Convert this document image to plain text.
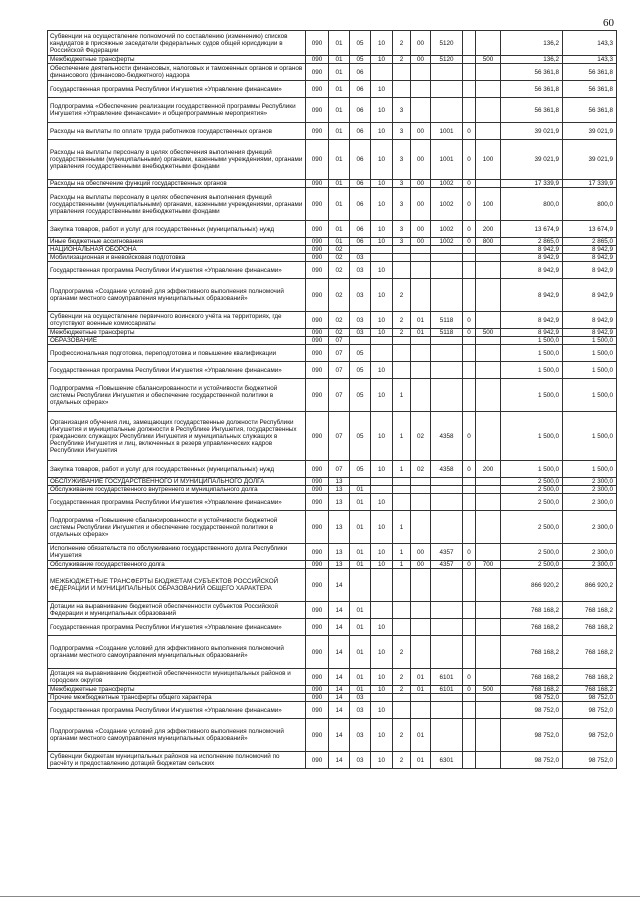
60
Субвенции на осуществление полномочий по составлению (изменению) списков кандидатов в присяжные заседатели федеральных судов общей юрисдикции в Российской Федерации	090	01	05	10	2	00	5120			136,2	143,3
Межбюджетные трансферты	090	01	05	10	2	00	5120		500	136,2	143,3
Обеспечение деятельности финансовых, налоговых и таможенных органов и органов финансового (финансово-бюджетного) надзора	090	01	06							56 361,8	56 361,8
Государственная программа Республики Ингушетия «Управление финансами»	090	01	06	10						56 361,8	56 361,8
Подпрограмма «Обеспечение реализации государственной программы Республики Ингушетия «Управление финансами» и общепрограммные мероприятия»	090	01	06	10	3					56 361,8	56 361,8
Расходы на выплаты по оплате труда работников государственных органов	090	01	06	10	3	00	1001	0		39 021,9	39 021,9
Расходы на выплаты персоналу в целях обеспечения выполнения функций государственными (муниципальными) органами, казенными учреждениями, органами управления государственными внебюджетными фондами	090	01	06	10	3	00	1001	0	100	39 021,9	39 021,9
Расходы на обеспечение функций государственных органов	090	01	06	10	3	00	1002	0		17 339,9	17 339,9
Расходы на выплаты персоналу в целях обеспечения выполнения функций государственными (муниципальными) органами, казенными учреждениями, органами управления государственными внебюджетными фондами	090	01	06	10	3	00	1002	0	100	800,0	800,0
Закупка товаров, работ и услуг для государственных (муниципальных) нужд	090	01	06	10	3	00	1002	0	200	13 674,9	13 674,9
Иные бюджетные ассигнования	090	01	06	10	3	00	1002	0	800	2 865,0	2 865,0
НАЦИОНАЛЬНАЯ ОБОРОНА	090	02								8 942,9	8 942,9
Мобилизационная и вневойсковая подготовка	090	02	03							8 942,9	8 942,9
Государственная программа Республики Ингушетия «Управление финансами»	090	02	03	10						8 942,9	8 942,9
Подпрограмма «Создание условий для эффективного выполнения полномочий органами местного самоуправления муниципальных образований»	090	02	03	10	2					8 942,9	8 942,9
Субвенции на осуществление первичного воинского учёта на территориях, где отсутствуют военные комиссариаты	090	02	03	10	2	01	5118	0		8 942,9	8 942,9
Межбюджетные трансферты	090	02	03	10	2	01	5118	0	500	8 942,9	8 942,9
ОБРАЗОВАНИЕ	090	07								1 500,0	1 500,0
Профессиональная подготовка, переподготовка и повышение квалификации	090	07	05							1 500,0	1 500,0
Государственная программа Республики Ингушетия «Управление финансами»	090	07	05	10						1 500,0	1 500,0
Подпрограмма «Повышение сбалансированности и устойчивости бюджетной системы Республики Ингушетия и обеспечение государственной политики в отдельных сферах»	090	07	05	10	1					1 500,0	1 500,0
Организация обучения лиц, замещающих государственные должности Республики Ингушетия и муниципальные должности в Республике Ингушетия, государственных гражданских служащих Республики Ингушетия и муниципальных служащих в Республике Ингушетия и лиц, включенных в резерв управленческих кадров Республики Ингушетия	090	07	05	10	1	02	4358	0		1 500,0	1 500,0
Закупка товаров, работ и услуг для государственных (муниципальных) нужд	090	07	05	10	1	02	4358	0	200	1 500,0	1 500,0
ОБСЛУЖИВАНИЕ ГОСУДАРСТВЕННОГО И МУНИЦИПАЛЬНОГО ДОЛГА	090	13								2 500,0	2 300,0
Обслуживание государственного внутреннего и муниципального долга	090	13	01							2 500,0	2 300,0
Государственная программа Республики Ингушетия «Управление финансами»	090	13	01	10						2 500,0	2 300,0
Подпрограмма «Повышение сбалансированности и устойчивости бюджетной системы Республики Ингушетия и обеспечение государственной политики в отдельных сферах»	090	13	01	10	1					2 500,0	2 300,0
Исполнение обязательств по обслуживанию государственного долга Республики Ингушетия	090	13	01	10	1	00	4357	0		2 500,0	2 300,0
Обслуживание государственного долга	090	13	01	10	1	00	4357	0	700	2 500,0	2 300,0
МЕЖБЮДЖЕТНЫЕ ТРАНСФЕРТЫ БЮДЖЕТАМ СУБЪЕКТОВ РОССИЙСКОЙ ФЕДЕРАЦИИ И МУНИЦИПАЛЬНЫХ ОБРАЗОВАНИЙ ОБЩЕГО ХАРАКТЕРА	090	14								866 920,2	866 920,2
Дотации на выравнивание бюджетной обеспеченности субъектов Российской Федерации и муниципальных образований	090	14	01							768 168,2	768 168,2
Государственная программа Республики Ингушетия «Управление финансами»	090	14	01	10						768 168,2	768 168,2
Подпрограмма «Создание условий для эффективного выполнения полномочий органами местного самоуправления муниципальных образований»	090	14	01	10	2					768 168,2	768 168,2
Дотация на выравнивание бюджетной обеспеченности муниципальных районов и городских округов	090	14	01	10	2	01	6101	0		768 168,2	768 168,2
Межбюджетные трансферты	090	14	01	10	2	01	6101	0	500	768 168,2	768 168,2
Прочие межбюджетные трансферты общего характера	090	14	03							98 752,0	98 752,0
Государственная программа Республики Ингушетия «Управление финансами»	090	14	03	10						98 752,0	98 752,0
Подпрограмма «Создание условий для эффективного выполнения полномочий органами местного самоуправления муниципальных образований»	090	14	03	10	2	01				98 752,0	98 752,0
Субвенции бюджетам муниципальных районов на исполнение полномочий по расчёту и предоставлению дотаций бюджетам сельских	090	14	03	10	2	01	6301			98 752,0	98 752,0
